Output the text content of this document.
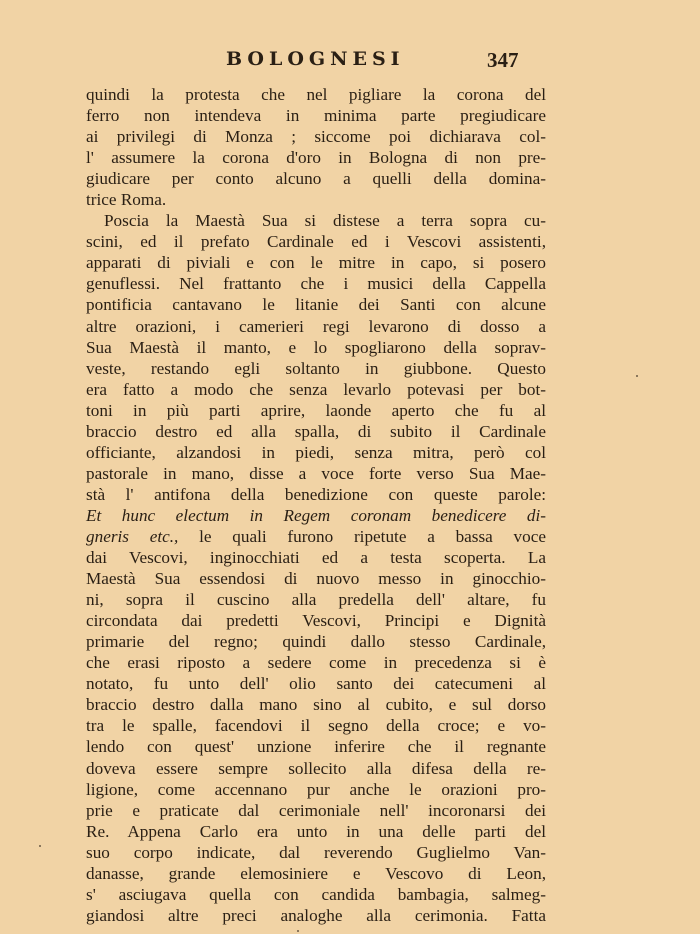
BOLOGNESI	347
quindi la protesta che nel pigliare la corona del
ferro non intendeva in minima parte pregiudicare
ai privilegi di Monza ; siccome poi dichiarava col-
l' assumere la corona d'oro in Bologna di non pre-
giudicare per conto alcuno a quelli della domina-
trice Roma.
Poscia la Maestà Sua si distese a terra sopra cu-
scini, ed il prefato Cardinale ed i Vescovi assistenti,
apparati di piviali e con le mitre in capo, si posero
genuflessi. Nel frattanto che i musici della Cappella
pontificia cantavano le litanie dei Santi con alcune
altre orazioni, i camerieri regi levarono di dosso a
Sua Maestà il manto, e lo spogliarono della soprav-
veste, restando egli soltanto in giubbone. Questo
era fatto a modo che senza levarlo potevasi per bot-
toni in più parti aprire, laonde aperto che fu al
braccio destro ed alla spalla, di subito il Cardinale
officiante, alzandosi in piedi, senza mitra, però col
pastorale in mano, disse a voce forte verso Sua Mae-
stà l' antifona della benedizione con queste parole:
Et hunc electum in Regem coronam benedicere di-
gneris etc., le quali furono ripetute a bassa voce
dai Vescovi, inginocchiati ed a testa scoperta. La
Maestà Sua essendosi di nuovo messo in ginocchio-
ni, sopra il cuscino alla predella dell' altare, fu
circondata dai predetti Vescovi, Principi e Dignità
primarie del regno; quindi dallo stesso Cardinale,
che erasi riposto a sedere come in precedenza si è
notato, fu unto dell' olio santo dei catecumeni al
braccio destro dalla mano sino al cubito, e sul dorso
tra le spalle, facendovi il segno della croce; e vo-
lendo con quest' unzione inferire che il regnante
doveva essere sempre sollecito alla difesa della re-
ligione, come accennano pur anche le orazioni pro-
prie e praticate dal cerimoniale nell' incoronarsi dei
Re. Appena Carlo era unto in una delle parti del
suo corpo indicate, dal reverendo Guglielmo Van-
danasse, grande elemosiniere e Vescovo di Leon,
s' asciugava quella con candida bambagia, salmeg-
giandosi altre preci analoghe alla cerimonia. Fatta
